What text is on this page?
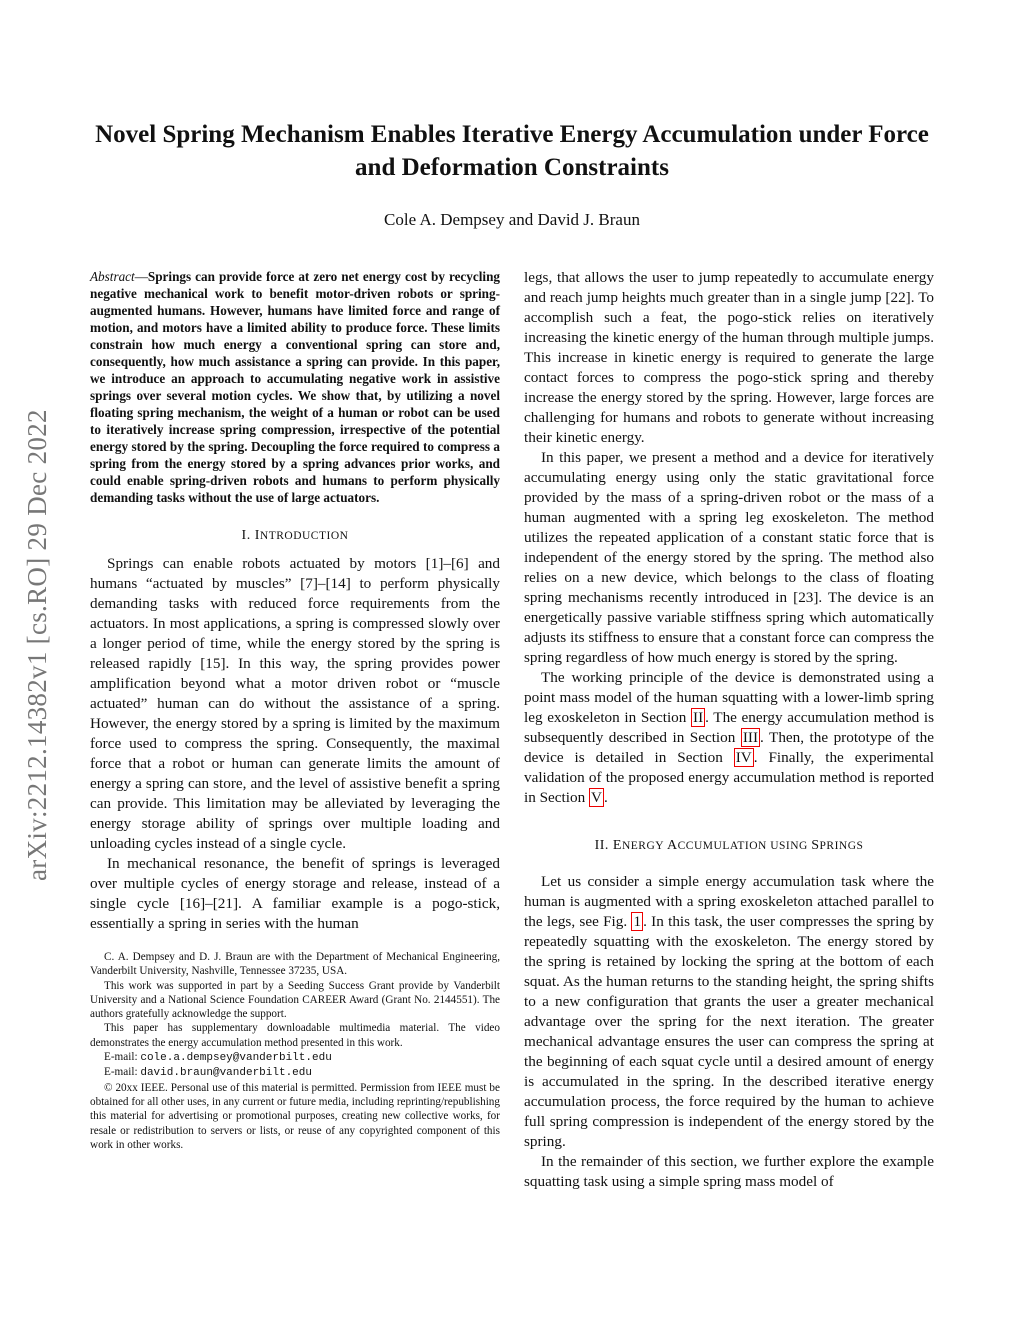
arXiv:2212.14382v1 [cs.RO] 29 Dec 2022
Novel Spring Mechanism Enables Iterative Energy Accumulation under Force and Deformation Constraints
Cole A. Dempsey and David J. Braun

Abstract—Springs can provide force at zero net energy cost by recycling negative mechanical work to benefit motor-driven robots or spring-augmented humans. However, humans have limited force and range of motion, and motors have a limited ability to produce force. These limits constrain how much energy a conventional spring can store and, consequently, how much assistance a spring can provide. In this paper, we introduce an approach to accumulating negative work in assistive springs over several motion cycles. We show that, by utilizing a novel floating spring mechanism, the weight of a human or robot can be used to iteratively increase spring compression, irrespective of the potential energy stored by the spring. Decoupling the force required to compress a spring from the energy stored by a spring advances prior works, and could enable spring-driven robots and humans to perform physically demanding tasks without the use of large actuators.

I. INTRODUCTION

Springs can enable robots actuated by motors [1]–[6] and humans “actuated by muscles” [7]–[14] to perform physically demanding tasks with reduced force requirements from the actuators. In most applications, a spring is compressed slowly over a longer period of time, while the energy stored by the spring is released rapidly [15]. In this way, the spring provides power amplification beyond what a motor driven robot or “muscle actuated” human can do without the assistance of a spring. However, the energy stored by a spring is limited by the maximum force used to compress the spring. Consequently, the maximal force that a robot or human can generate limits the amount of energy a spring can store, and the level of assistive benefit a spring can provide. This limitation may be alleviated by leveraging the energy storage ability of springs over multiple loading and unloading cycles instead of a single cycle.

In mechanical resonance, the benefit of springs is leveraged over multiple cycles of energy storage and release, instead of a single cycle [16]–[21]. A familiar example is a pogo-stick, essentially a spring in series with the human

C. A. Dempsey and D. J. Braun are with the Department of Mechanical Engineering, Vanderbilt University, Nashville, Tennessee 37235, USA.

This work was supported in part by a Seeding Success Grant provide by Vanderbilt University and a National Science Foundation CAREER Award (Grant No. 2144551). The authors gratefully acknowledge the support.

This paper has supplementary downloadable multimedia material. The video demonstrates the energy accumulation method presented in this work.

E-mail: cole.a.dempsey@vanderbilt.edu

E-mail: david.braun@vanderbilt.edu

© 20xx IEEE. Personal use of this material is permitted. Permission from IEEE must be obtained for all other uses, in any current or future media, including reprinting/republishing this material for advertising or promotional purposes, creating new collective works, for resale or redistribution to servers or lists, or reuse of any copyrighted component of this work in other works.

legs, that allows the user to jump repeatedly to accumulate energy and reach jump heights much greater than in a single jump [22]. To accomplish such a feat, the pogo-stick relies on iteratively increasing the kinetic energy of the human through multiple jumps. This increase in kinetic energy is required to generate the large contact forces to compress the pogo-stick spring and thereby increase the energy stored by the spring. However, large forces are challenging for humans and robots to generate without increasing their kinetic energy.

In this paper, we present a method and a device for iteratively accumulating energy using only the static gravitational force provided by the mass of a spring-driven robot or the mass of a human augmented with a spring leg exoskeleton. The method utilizes the repeated application of a constant static force that is independent of the energy stored by the spring. The method also relies on a new device, which belongs to the class of floating spring mechanisms recently introduced in [23]. The device is an energetically passive variable stiffness spring which automatically adjusts its stiffness to ensure that a constant force can compress the spring regardless of how much energy is stored by the spring.

The working principle of the device is demonstrated using a point mass model of the human squatting with a lower-limb spring leg exoskeleton in Section II . The energy accumulation method is subsequently described in Section III . Then, the prototype of the device is detailed in Section IV . Finally, the experimental validation of the proposed energy accumulation method is reported in Section V .

II. ENERGY ACCUMULATION USING SPRINGS

Let us consider a simple energy accumulation task where the human is augmented with a spring exoskeleton attached parallel to the legs, see Fig. 1 . In this task, the user compresses the spring by repeatedly squatting with the exoskeleton. The energy stored by the spring is retained by locking the spring at the bottom of each squat. As the human returns to the standing height, the spring shifts to a new configuration that grants the user a greater mechanical advantage over the spring for the next iteration. The greater mechanical advantage ensures the user can compress the spring at the beginning of each squat cycle until a desired amount of energy is accumulated in the spring. In the described iterative energy accumulation process, the force required by the human to achieve full spring compression is independent of the energy stored by the spring.

In the remainder of this section, we further explore the example squatting task using a simple spring mass model of
